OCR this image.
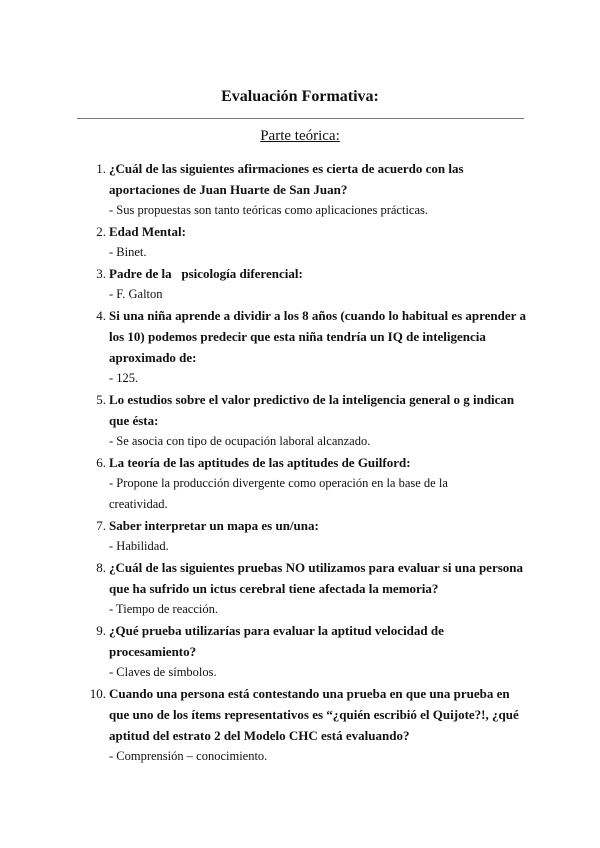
Evaluación Formativa:
Parte teórica:
1. ¿Cuál de las siguientes afirmaciones es cierta de acuerdo con las aportaciones de Juan Huarte de San Juan?
- Sus propuestas son tanto teóricas como aplicaciones prácticas.
2. Edad Mental:
- Binet.
3. Padre de la   psicología diferencial:
- F. Galton
4. Si una niña aprende a dividir a los 8 años (cuando lo habitual es aprender a los 10) podemos predecir que esta niña tendría un IQ de inteligencia aproximado de:
- 125.
5. Lo estudios sobre el valor predictivo de la inteligencia general o g indican que ésta:
- Se asocia con tipo de ocupación laboral alcanzado.
6. La teoría de las aptitudes de las aptitudes de Guilford:
- Propone la producción divergente como operación en la base de la creatividad.
7. Saber interpretar un mapa es un/una:
- Habilidad.
8. ¿Cuál de las siguientes pruebas NO utilizamos para evaluar si una persona que ha sufrido un ictus cerebral tiene afectada la memoria?
- Tiempo de reacción.
9. ¿Qué prueba utilizarías para evaluar la aptitud velocidad de procesamiento?
- Claves de símbolos.
10. Cuando una persona está contestando una prueba en que una prueba en que uno de los ítems representativos es “¿quién escribió el Quijote?!, ¿qué aptitud del estrato 2 del Modelo CHC está evaluando?
- Comprensión – conocimiento.
